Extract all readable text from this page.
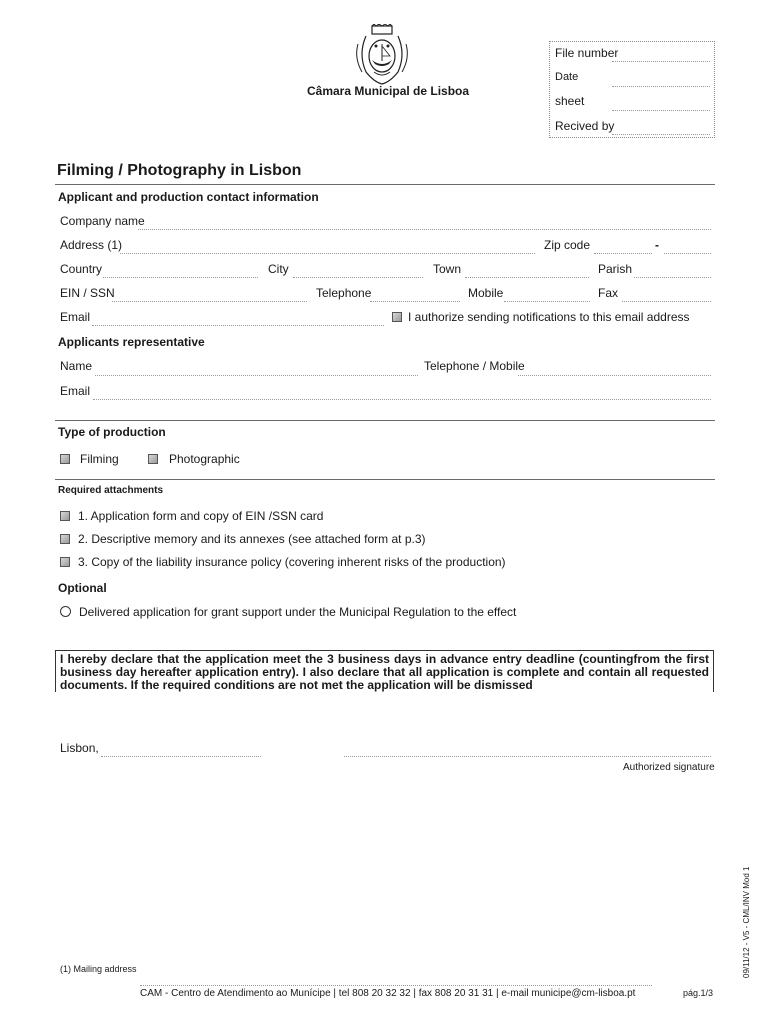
Câmara Municipal de Lisboa
File number
Date
sheet
Recived by
Filming / Photography in Lisbon
Applicant and production contact information
Company name
Address (1)	Zip code	-
Country	City	Town	Parish
EIN / SSN	Telephone	Mobile	Fax
Email	I authorize sending notifications to this email address
Applicants representative
Name	Telephone / Mobile
Email
Type of production
Filming	Photographic
Required attachments
1. Application form and copy of EIN /SSN card
2. Descriptive memory and its annexes (see attached form at p.3)
3. Copy of the liability insurance policy (covering inherent risks of the production)
Optional
Delivered application for grant support under the Municipal Regulation to the effect
I hereby declare that the application meet the 3 business days in advance entry deadline (countingfrom the first business day hereafter application entry). I also declare that all application is complete and contain all requested documents. If the required conditions are not met the application will be dismissed
Lisbon,
Authorized signature
09/11/12 - V5 - CML/INV Mod 1
(1) Mailing address
CAM - Centro de Atendimento ao Munícipe | tel 808 20 32 32 | fax 808 20 31 31 | e-mail municipe@cm-lisboa.pt	pág.1/3
